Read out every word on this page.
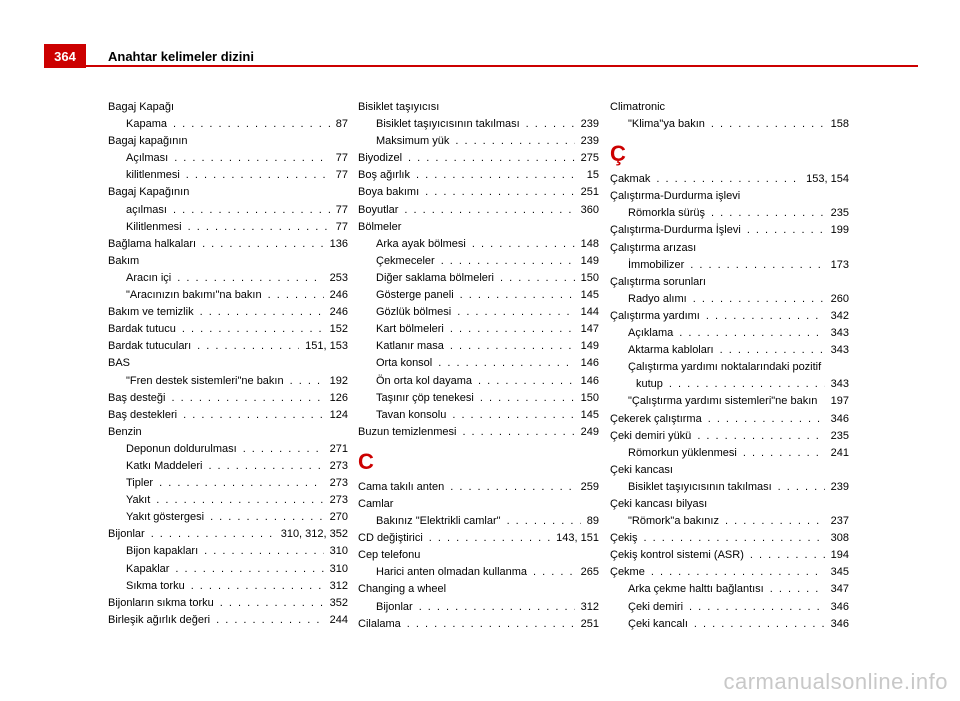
364	Anahtar kelimeler dizini
Bagaj Kapağı
Kapama . . .	87
Bagaj kapağının
Açılması . . .	77
kilitlenmesi . . .	77
Bagaj Kapağının
açılması . . .	77
Kilitlenmesi . . .	77
Bağlama halkaları . . .	136
Bakım
Aracın içi . . .	253
"Aracınızın bakımı"na bakın . . .	246
Bakım ve temizlik . . .	246
Bardak tutucu . . .	152
Bardak tutucuları . . .	151, 153
BAS
"Fren destek sistemleri"ne bakın . . .	192
Baş desteği . . .	126
Baş destekleri . . .	124
Benzin
Deponun doldurulması . . .	271
Katkı Maddeleri . . .	273
Tipler . . .	273
Yakıt . . .	273
Yakıt göstergesi . . .	270
Bijonlar . . .	310, 312, 352
Bijon kapakları . . .	310
Kapaklar . . .	310
Sıkma torku . . .	312
Bijonların sıkma torku . . .	352
Birleşik ağırlık değeri . . .	244
Bisiklet taşıyıcısı
Bisiklet taşıyıcısının takılması . . .	239
Maksimum yük . . .	239
Biyodizel . . .	275
Boş ağırlık . . .	15
Boya bakımı . . .	251
Boyutlar . . .	360
Bölmeler
Arka ayak bölmesi . . .	148
Çekmeceler . . .	149
Diğer saklama bölmeleri . . .	150
Gösterge paneli . . .	145
Gözlük bölmesi . . .	144
Kart bölmeleri . . .	147
Katlanır masa . . .	149
Orta konsol . . .	146
Ön orta kol dayama . . .	146
Taşınır çöp tenekesi . . .	150
Tavan konsolu . . .	145
Buzun temizlenmesi . . .	249
C
Cama takılı anten . . .	259
Camlar
Bakınız "Elektrikli camlar" . . .	89
CD değiştirici . . .	143, 151
Cep telefonu
Harici anten olmadan kullanma . . .	265
Changing a wheel
Bijonlar . . .	312
Cilalama . . .	251
Climatronic
"Klima"ya bakın . . .	158
Ç
Çakmak . . .	153, 154
Çalıştırma-Durdurma işlevi
Römorkla sürüş . . .	235
Çalıştırma-Durdurma İşlevi . . .	199
Çalıştırma arızası
İmmobilizer . . .	173
Çalıştırma sorunları
Radyo alımı . . .	260
Çalıştırma yardımı . . .	342
Açıklama . . .	343
Aktarma kabloları . . .	343
Çalıştırma yardımı noktalarındaki pozitif
kutup . . .	343
"Çalıştırma yardımı sistemleri"ne bakın 197
Çekerek çalıştırma . . .	346
Çeki demiri yükü . . .	235
Römorkun yüklenmesi . . .	241
Çeki kancası
Bisiklet taşıyıcısının takılması . . .	239
Çeki kancası bilyası
"Römork"a bakınız . . .	237
Çekiş . . .	308
Çekiş kontrol sistemi (ASR) . . .	194
Çekme . . .	345
Arka çekme halttı bağlantısı . . .	347
Çeki demiri . . .	346
Çeki kancalı . . .	346
carmanualsonline.info
